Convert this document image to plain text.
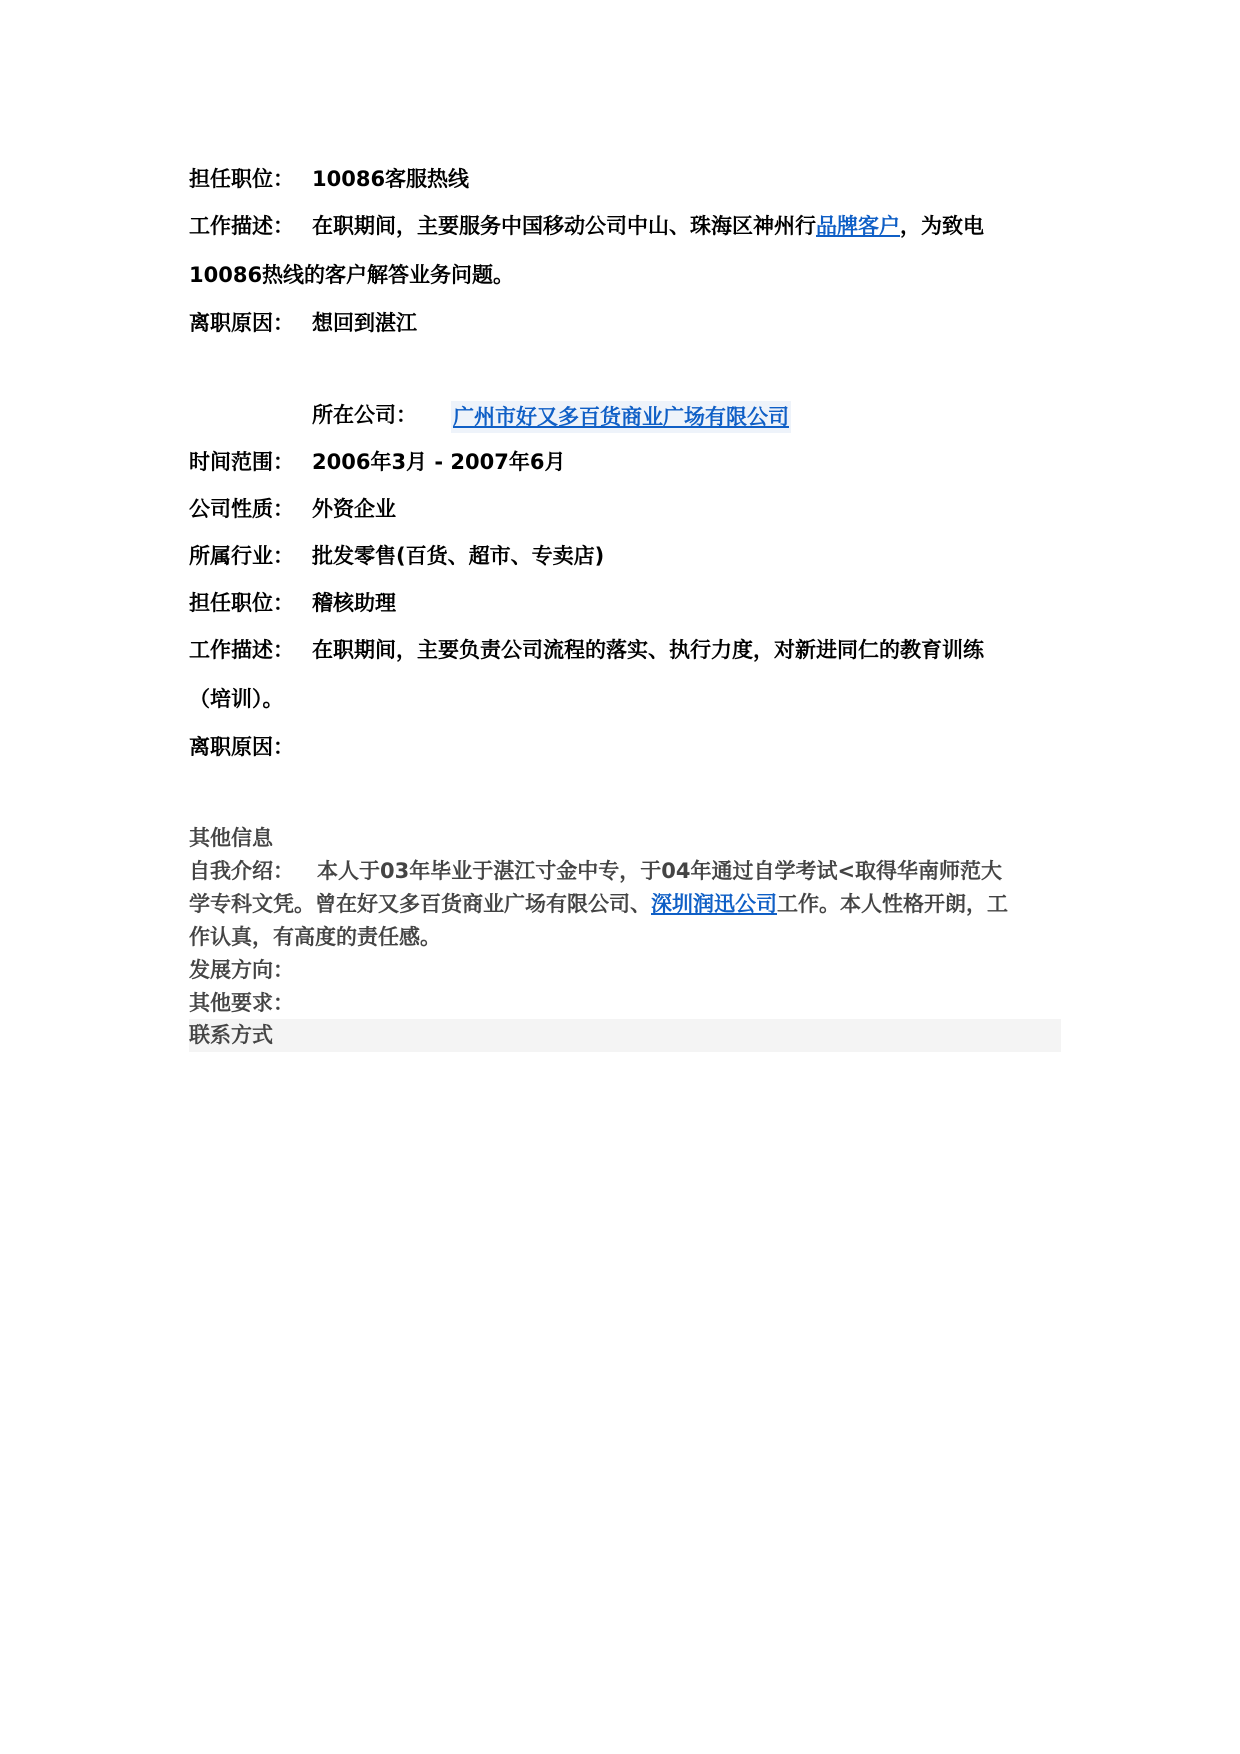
担任职位： 10086客服热线
工作描述： 在职期间，主要服务中国移动公司中山、珠海区神州行品牌客户，为致电
10086热线的客户解答业务问题。
离职原因： 想回到湛江
所在公司： 广州市好又多百货商业广场有限公司
时间范围： 2006年3月 - 2007年6月
公司性质： 外资企业
所属行业： 批发零售(百货、超市、专卖店)
担任职位： 稽核助理
工作描述： 在职期间，主要负责公司流程的落实、执行力度，对新进同仁的教育训练
（培训）。
离职原因：
其他信息
自我介绍： 本人于03年毕业于湛江寸金中专，于04年通过自学考试<取得华南师范大
学专科文凭。曾在好又多百货商业广场有限公司、深圳润迅公司工作。本人性格开朗，工
作认真，有高度的责任感。
发展方向：
其他要求：
联系方式
